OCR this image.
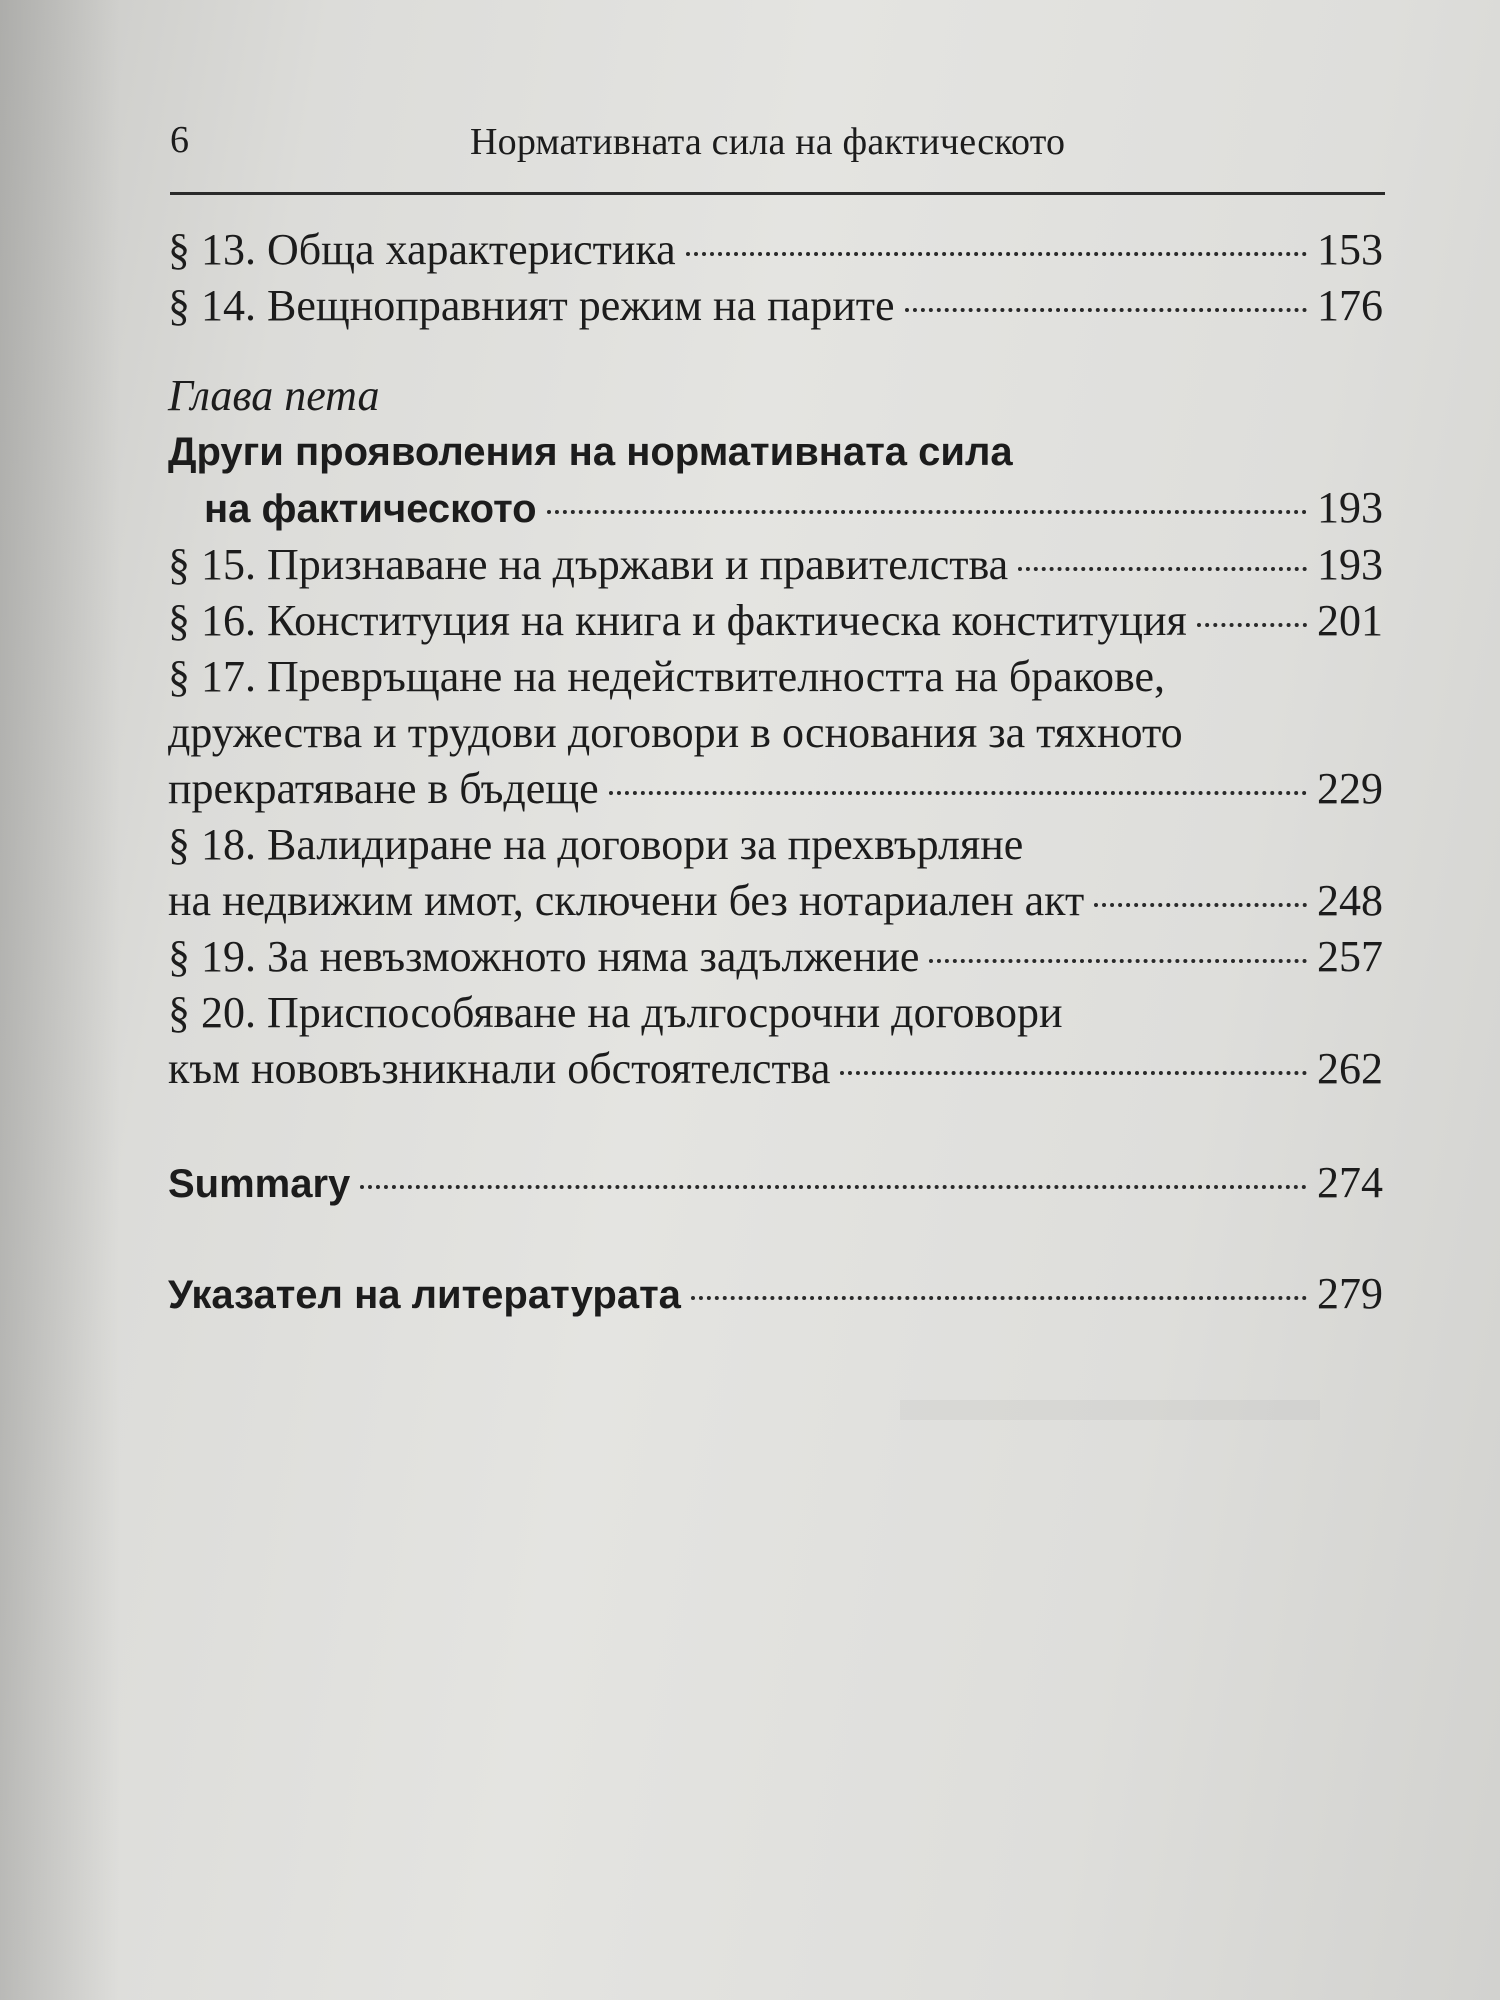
6	Нормативната сила на фактическото
§ 13. Обща характеристика	153
§ 14. Вещноправният режим на парите	176
Глава пета
Други прояволения на нормативната сила
на фактическото	193
§ 15. Признаване на държави и правителства	193
§ 16. Конституция на книга и фактическа конституция	201
§ 17. Превръщане на недействителността на бракове,
дружества и трудови договори в основания за тяхното
прекратяване в бъдеще	229
§ 18. Валидиране на договори за прехвърляне
на недвижим имот, сключени без нотариален акт	248
§ 19. За невъзможното няма задължение	257
§ 20. Приспособяване на дългосрочни договори
към нововъзникнали обстоятелства	262
Summary	274
Указател на литературата	279
